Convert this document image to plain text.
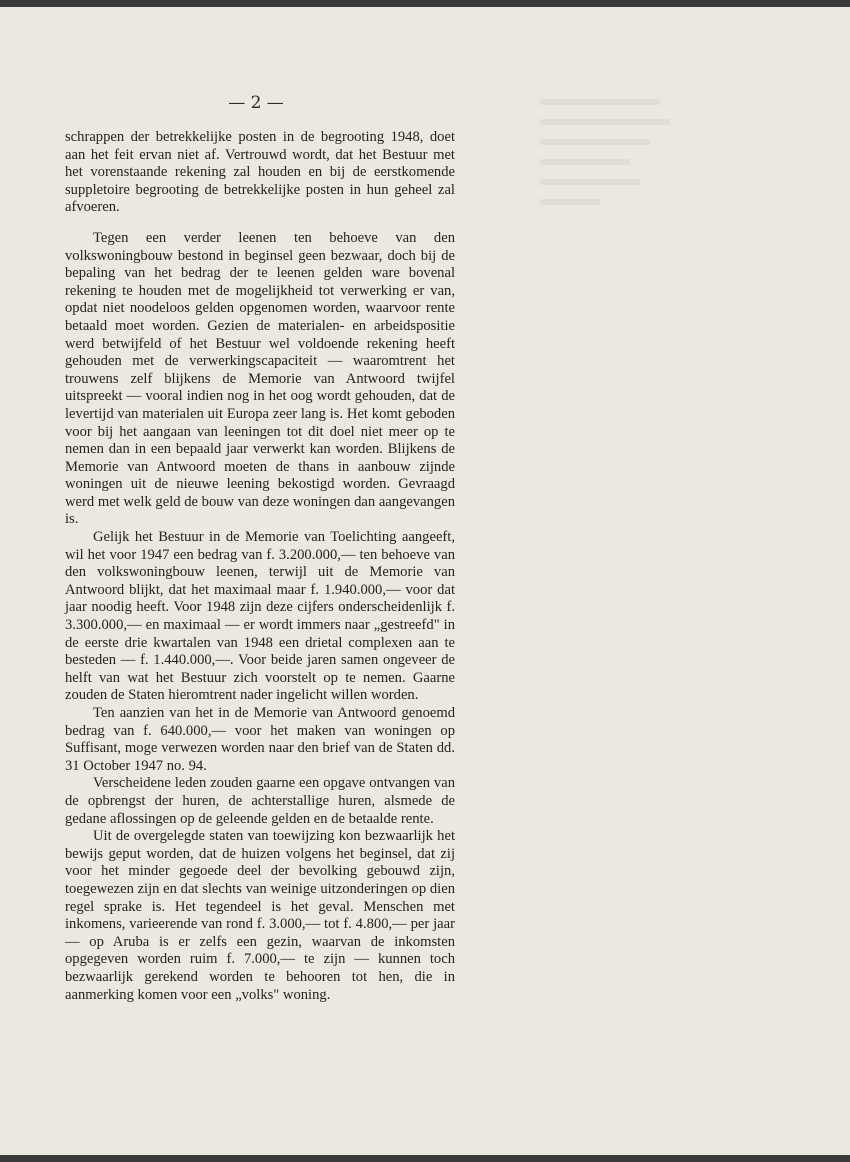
— 2 —

schrappen der betrekkelijke posten in de begrooting 1948, doet aan het feit ervan niet af. Vertrouwd wordt, dat het Bestuur met het vorenstaande rekening zal houden en bij de eerstkomende suppletoire begrooting de betrekkelijke posten in hun geheel zal afvoeren.

Tegen een verder leenen ten behoeve van den volkswoningbouw bestond in beginsel geen bezwaar, doch bij de bepaling van het bedrag der te leenen gelden ware bovenal rekening te houden met de mogelijkheid tot verwerking er van, opdat niet noodeloos gelden opgenomen worden, waarvoor rente betaald moet worden. Gezien de materialen- en arbeidspositie werd betwijfeld of het Bestuur wel voldoende rekening heeft gehouden met de verwerkingscapaciteit — waaromtrent het trouwens zelf blijkens de Memorie van Antwoord twijfel uitspreekt — vooral indien nog in het oog wordt gehouden, dat de levertijd van materialen uit Europa zeer lang is. Het komt geboden voor bij het aangaan van leeningen tot dit doel niet meer op te nemen dan in een bepaald jaar verwerkt kan worden. Blijkens de Memorie van Antwoord moeten de thans in aanbouw zijnde woningen uit de nieuwe leening bekostigd worden. Gevraagd werd met welk geld de bouw van deze woningen dan aangevangen is.

Gelijk het Bestuur in de Memorie van Toelichting aangeeft, wil het voor 1947 een bedrag van f. 3.200.000,— ten behoeve van den volkswoningbouw leenen, terwijl uit de Memorie van Antwoord blijkt, dat het maximaal maar f. 1.940.000,— voor dat jaar noodig heeft. Voor 1948 zijn deze cijfers onderscheidenlijk f. 3.300.000,— en maximaal — er wordt immers naar „gestreefd" in de eerste drie kwartalen van 1948 een drietal complexen aan te besteden — f. 1.440.000,—. Voor beide jaren samen ongeveer de helft van wat het Bestuur zich voorstelt op te nemen. Gaarne zouden de Staten hieromtrent nader ingelicht willen worden.

Ten aanzien van het in de Memorie van Antwoord genoemd bedrag van f. 640.000,— voor het maken van woningen op Suffisant, moge verwezen worden naar den brief van de Staten dd. 31 October 1947 no. 94.

Verscheidene leden zouden gaarne een opgave ontvangen van de opbrengst der huren, de achterstallige huren, alsmede de gedane aflossingen op de geleende gelden en de betaalde rente.

Uit de overgelegde staten van toewijzing kon bezwaarlijk het bewijs geput worden, dat de huizen volgens het beginsel, dat zij voor het minder gegoede deel der bevolking gebouwd zijn, toegewezen zijn en dat slechts van weinige uitzonderingen op dien regel sprake is. Het tegendeel is het geval. Menschen met inkomens, varieerende van rond f. 3.000,— tot f. 4.800,— per jaar — op Aruba is er zelfs een gezin, waarvan de inkomsten opgegeven worden ruim f. 7.000,— te zijn — kunnen toch bezwaarlijk gerekend worden te behooren tot hen, die in aanmerking komen voor een „volks" woning.
